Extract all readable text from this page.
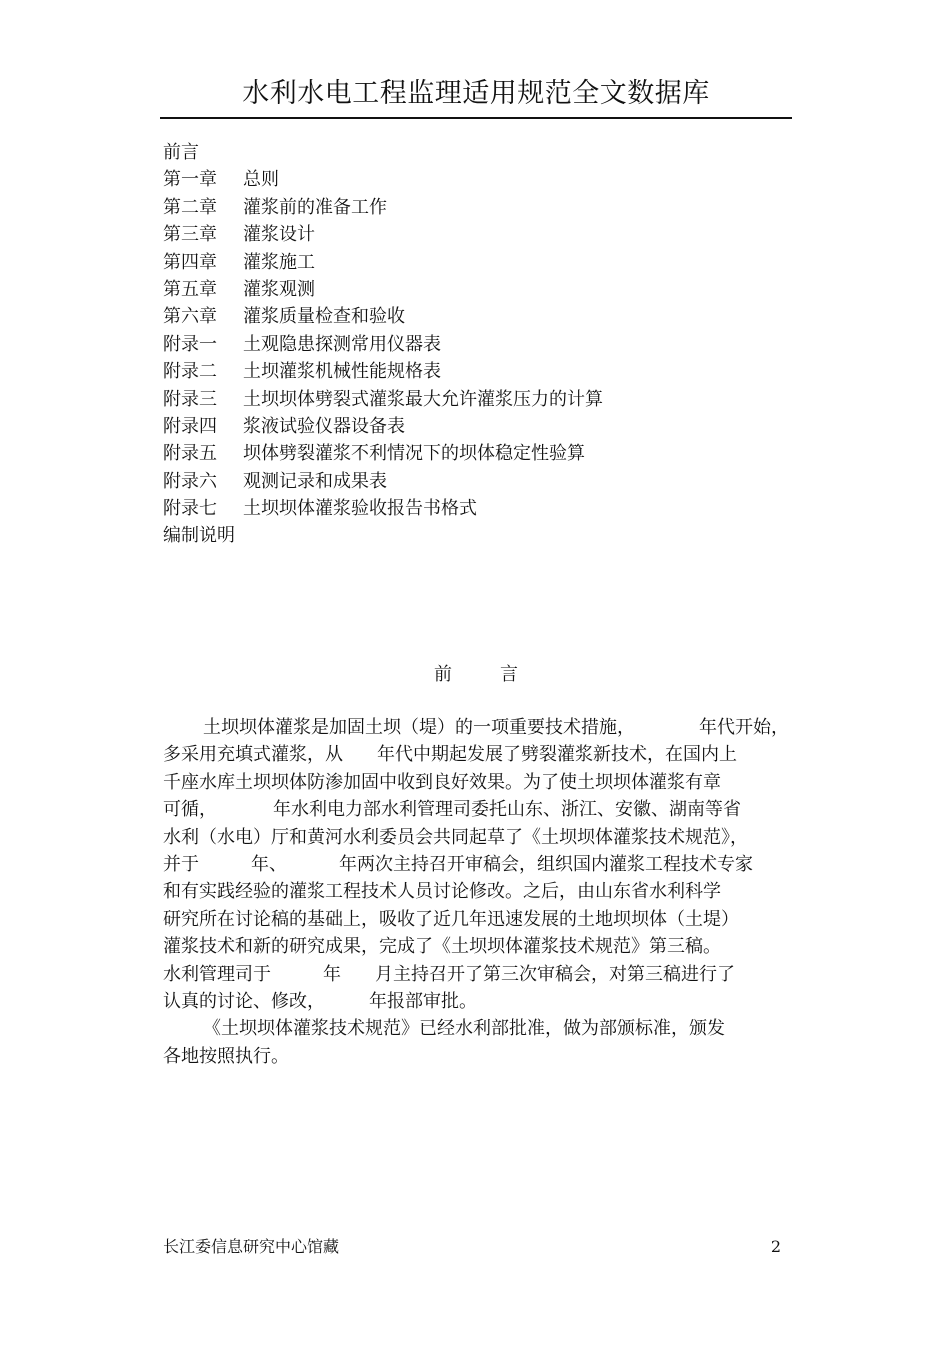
水利水电工程监理适用规范全文数据库
前言
第一章 总则
第二章 灌浆前的准备工作
第三章 灌浆设计
第四章 灌浆施工
第五章 灌浆观测
第六章 灌浆质量检查和验收
附录一 土观隐患探测常用仪器表
附录二 土坝灌浆机械性能规格表
附录三 土坝坝体劈裂式灌浆最大允许灌浆压力的计算
附录四 浆液试验仪器设备表
附录五 坝体劈裂灌浆不利情况下的坝体稳定性验算
附录六 观测记录和成果表
附录七 土坝坝体灌浆验收报告书格式
编制说明
前	言
土坝坝体灌浆是加固土坝（堤）的一项重要技术措施，	年代开始，
多采用充填式灌浆，从 年代中期起发展了劈裂灌浆新技术，在国内上
千座水库土坝坝体防渗加固中收到良好效果。为了使土坝坝体灌浆有章
可循，	年水利电力部水利管理司委托山东、浙江、安徽、湖南等省
水利（水电）厅和黄河水利委员会共同起草了《土坝坝体灌浆技术规范》，
并于	年、	年两次主持召开审稿会，组织国内灌浆工程技术专家
和有实践经验的灌浆工程技术人员讨论修改。之后，由山东省水利科学
研究所在讨论稿的基础上，吸收了近几年迅速发展的土地坝坝体（土堤）
灌浆技术和新的研究成果，完成了《土坝坝体灌浆技术规范》第三稿。
水利管理司于	年 月主持召开了第三次审稿会，对第三稿进行了
认真的讨论、修改， 年报部审批。
《土坝坝体灌浆技术规范》已经水利部批准，做为部颁标准，颁发
各地按照执行。
长江委信息研究中心馆藏	2
